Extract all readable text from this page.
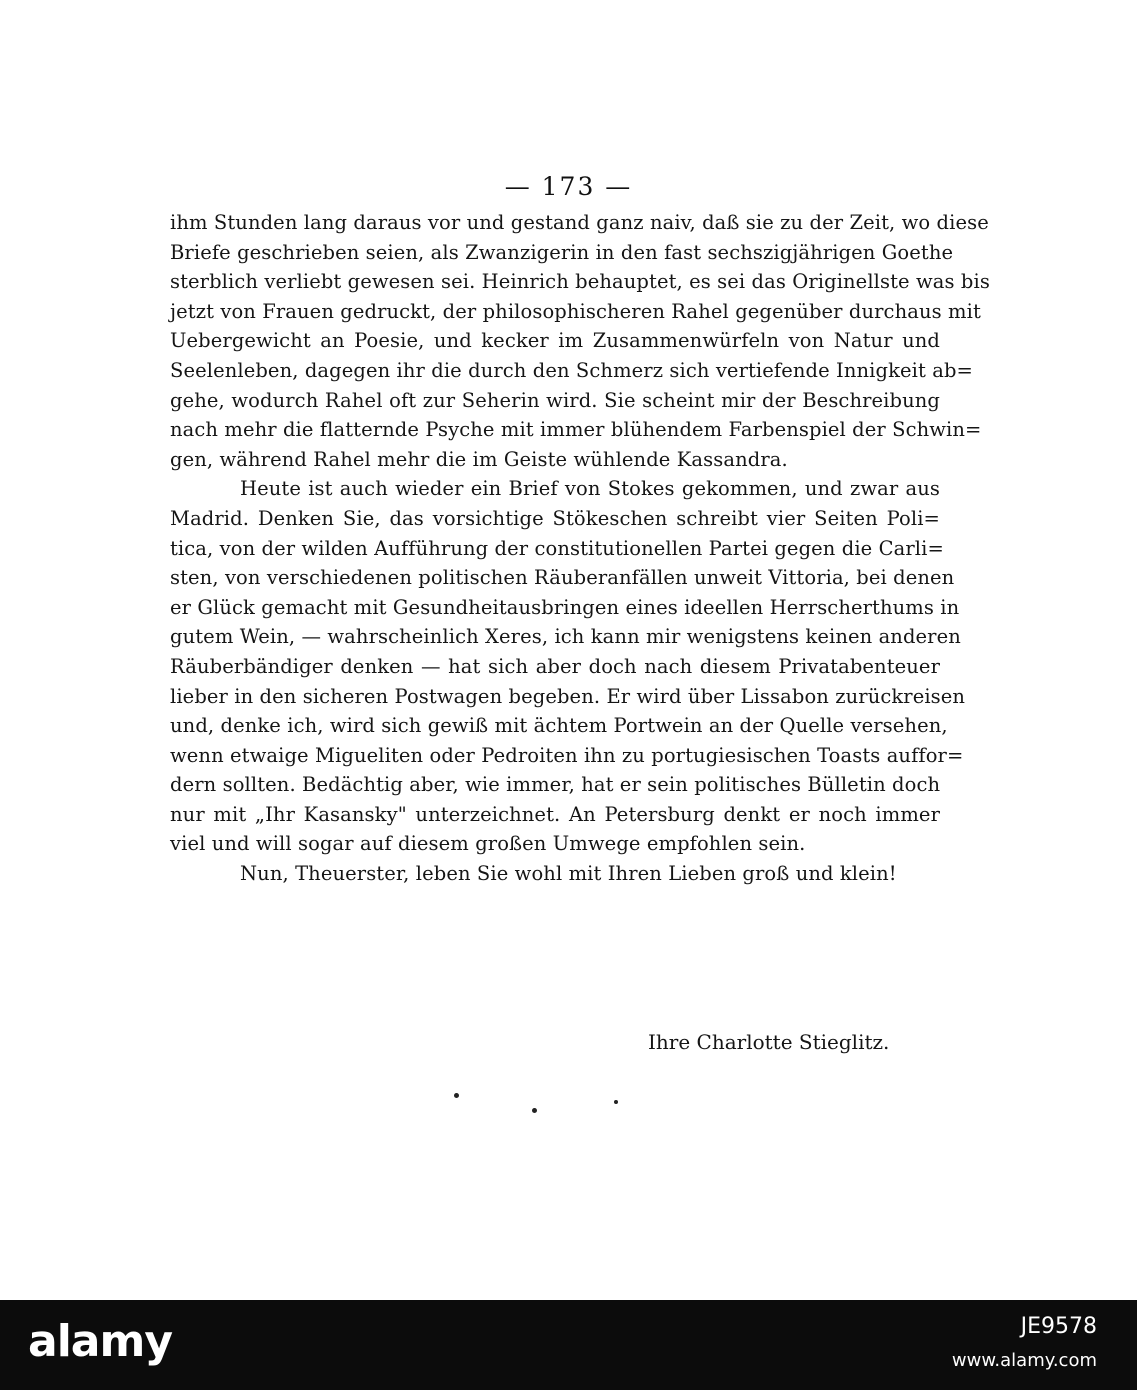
— 173 —
ihm Stunden lang daraus vor und gestand ganz naiv, daß sie zu der Zeit, wo diese
Briefe geschrieben seien, als Zwanzigerin in den fast sechszigjährigen Goethe
sterblich verliebt gewesen sei. Heinrich behauptet, es sei das Originellste was bis
jetzt von Frauen gedruckt, der philosophischeren Rahel gegenüber durchaus mit
Uebergewicht an Poesie, und kecker im Zusammenwürfeln von Natur und
Seelenleben, dagegen ihr die durch den Schmerz sich vertiefende Innigkeit ab=
gehe, wodurch Rahel oft zur Seherin wird. Sie scheint mir der Beschreibung
nach mehr die flatternde Psyche mit immer blühendem Farbenspiel der Schwin=
gen, während Rahel mehr die im Geiste wühlende Kassandra.
Heute ist auch wieder ein Brief von Stokes gekommen, und zwar aus
Madrid. Denken Sie, das vorsichtige Stökeschen schreibt vier Seiten Poli=
tica, von der wilden Aufführung der constitutionellen Partei gegen die Carli=
sten, von verschiedenen politischen Räuberanfällen unweit Vittoria, bei denen
er Glück gemacht mit Gesundheitausbringen eines ideellen Herrscherthums in
gutem Wein, — wahrscheinlich Xeres, ich kann mir wenigstens keinen anderen
Räuberbändiger denken — hat sich aber doch nach diesem Privatabenteuer
lieber in den sicheren Postwagen begeben. Er wird über Lissabon zurückreisen
und, denke ich, wird sich gewiß mit ächtem Portwein an der Quelle versehen,
wenn etwaige Migueliten oder Pedroiten ihn zu portugiesischen Toasts auffor=
dern sollten. Bedächtig aber, wie immer, hat er sein politisches Bülletin doch
nur mit „Ihr Kasansky" unterzeichnet. An Petersburg denkt er noch immer
viel und will sogar auf diesem großen Umwege empfohlen sein.
Nun, Theuerster, leben Sie wohl mit Ihren Lieben groß und klein!
Ihre Charlotte Stieglitz.
alamy	JE9578
www.alamy.com
